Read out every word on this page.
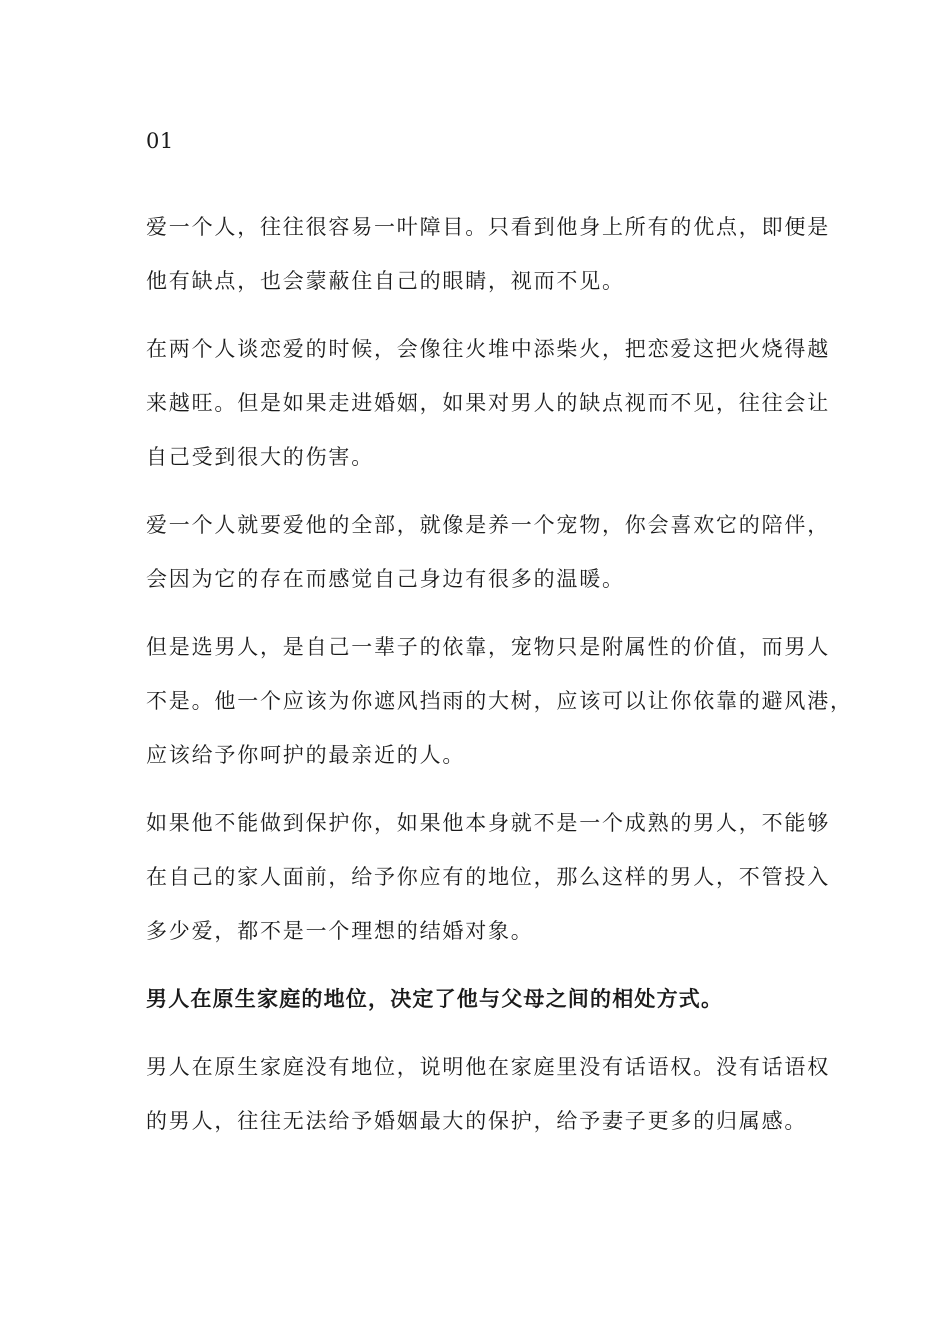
01

爱一个人，往往很容易一叶障目。只看到他身上所有的优点，即便是
他有缺点，也会蒙蔽住自己的眼睛，视而不见。

在两个人谈恋爱的时候，会像往火堆中添柴火，把恋爱这把火烧得越
来越旺。但是如果走进婚姻，如果对男人的缺点视而不见，往往会让
自己受到很大的伤害。

爱一个人就要爱他的全部，就像是养一个宠物，你会喜欢它的陪伴，
会因为它的存在而感觉自己身边有很多的温暖。

但是选男人，是自己一辈子的依靠，宠物只是附属性的价值，而男人
不是。他一个应该为你遮风挡雨的大树，应该可以让你依靠的避风港，
应该给予你呵护的最亲近的人。

如果他不能做到保护你，如果他本身就不是一个成熟的男人，不能够
在自己的家人面前，给予你应有的地位，那么这样的男人，不管投入
多少爱，都不是一个理想的结婚对象。

男人在原生家庭的地位，决定了他与父母之间的相处方式。

男人在原生家庭没有地位，说明他在家庭里没有话语权。没有话语权
的男人，往往无法给予婚姻最大的保护，给予妻子更多的归属感。
